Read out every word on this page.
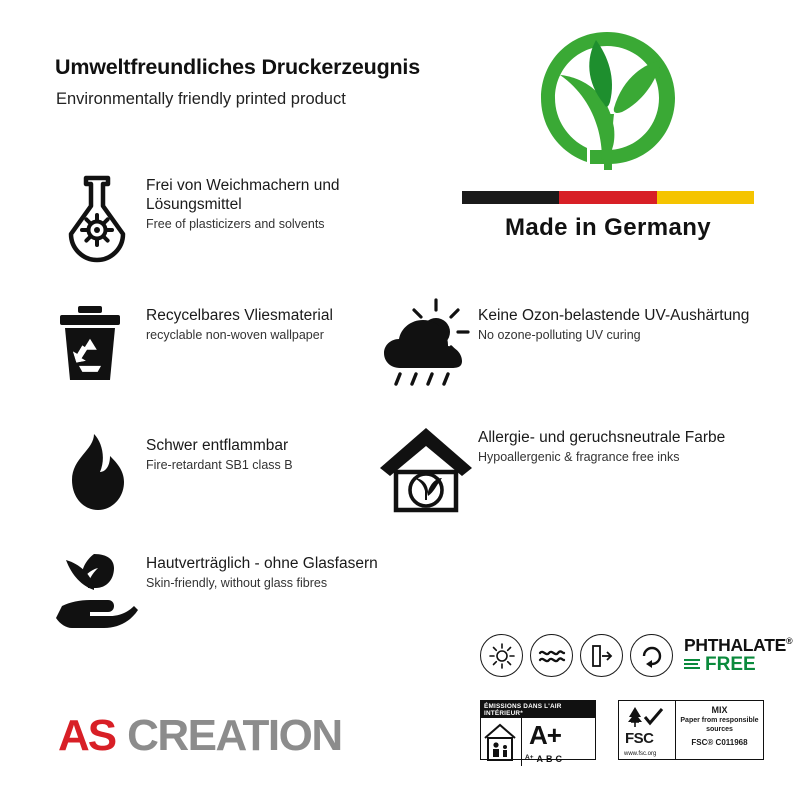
Umweltfreundliches Druckerzeugnis
Environmentally friendly printed product
Made in Germany
Frei von Weichmachern und Lösungsmittel
Free of plasticizers and solvents
Recycelbares Vliesmaterial
recyclable non-woven wallpaper
Schwer entflammbar
Fire-retardant SB1 class B
Hautverträglich - ohne Glasfasern
Skin-friendly, without glass fibres
Keine Ozon-belastende UV-Aushärtung
No ozone-polluting UV curing
Allergie- und geruchsneutrale Farbe
Hypoallergenic & fragrance free inks
PHTHALATE®
FREE
ÉMISSIONS DANS L'AIR INTÉRIEUR*
A+
A+ A B C
FSC
www.fsc.org
MIX
Paper from responsible sources
FSC® C011968
AS CREATION
